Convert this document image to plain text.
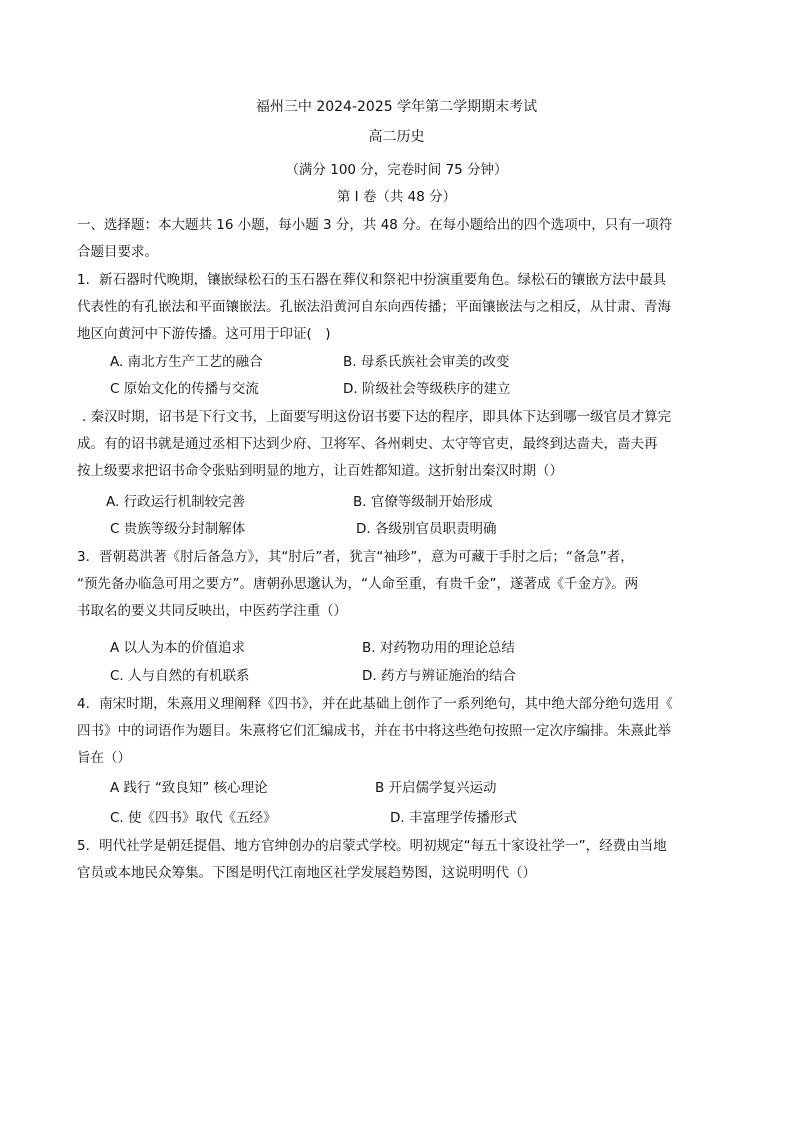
福州三中 2024-2025 学年第二学期期末考试
高二历史
（满分 100 分，完卷时间 75 分钟）
第 I 卷（共 48 分）
一、选择题：本大题共 16 小题，每小题 3 分，共 48 分。在每小题给出的四个选项中，只有一项符
合题目要求。
1．新石器时代晚期，镶嵌绿松石的玉石器在葬仪和祭祀中扮演重要角色。绿松石的镶嵌方法中最具
代表性的有孔嵌法和平面镶嵌法。孔嵌法沿黄河自东向西传播；平面镶嵌法与之相反，从甘肃、青海
地区向黄河中下游传播。这可用于印证(　)
A. 南北方生产工艺的融合	B. 母系氏族社会审美的改变
C 原始文化的传播与交流	D. 阶级社会等级秩序的建立
. 秦汉时期，诏书是下行文书，上面要写明这份诏书要下达的程序，即具体下达到哪一级官员才算完
成。有的诏书就是通过丞相下达到少府、卫将军、各州刺史、太守等官吏，最终到达啬夫，啬夫再
按上级要求把诏书命令张贴到明显的地方，让百姓都知道。这折射出秦汉时期（）
A. 行政运行机制较完善	B. 官僚等级制开始形成
C 贵族等级分封制解体	D. 各级别官员职责明确
3．晋朝葛洪著《肘后备急方》，其“肘后”者，犹言“袖珍”，意为可藏于手肘之后；“备急”者，
“预先备办临急可用之要方”。唐朝孙思邈认为，“人命至重，有贵千金”，遂著成《千金方》。两
书取名的要义共同反映出，中医药学注重（）
A 以人为本的价值追求	B. 对药物功用的理论总结
C. 人与自然的有机联系	D. 药方与辨证施治的结合
4．南宋时期，朱熹用义理阐释《四书》，并在此基础上创作了一系列绝句，其中绝大部分绝句选用《
四书》中的词语作为题目。朱熹将它们汇编成书，并在书中将这些绝句按照一定次序编排。朱熹此举
旨在（）
A 践行 “致良知” 核心理论	B 开启儒学复兴运动
C. 使《四书》取代《五经》	D. 丰富理学传播形式
5．明代社学是朝廷提倡、地方官绅创办的启蒙式学校。明初规定“每五十家设社学一”，经费由当地
官员或本地民众筹集。下图是明代江南地区社学发展趋势图，这说明明代（）
